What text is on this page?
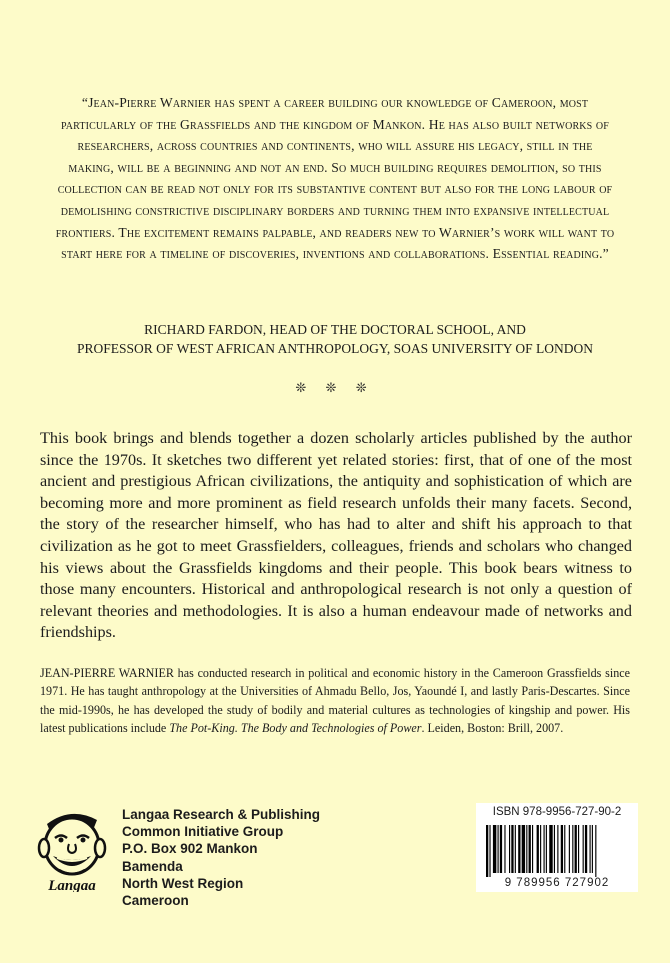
“Jean-Pierre Warnier has spent a career building our knowledge of Cameroon, most particularly of the Grassfields and the kingdom of Mankon. He has also built networks of researchers, across countries and continents, who will assure his legacy, still in the making, will be a beginning and not an end. So much building requires demolition, so this collection can be read not only for its substantive content but also for the long labour of demolishing constrictive disciplinary borders and turning them into expansive intellectual frontiers. The excitement remains palpable, and readers new to Warnier’s work will want to start here for a timeline of discoveries, inventions and collaborations. Essential reading.”
RICHARD FARDON, HEAD OF THE DOCTORAL SCHOOL, AND
PROFESSOR OF WEST AFRICAN ANTHROPOLOGY, SOAS UNIVERSITY OF LONDON
❊ ❊ ❊
This book brings and blends together a dozen scholarly articles published by the author since the 1970s. It sketches two different yet related stories: first, that of one of the most ancient and prestigious African civilizations, the antiquity and sophistication of which are becoming more and more prominent as field research unfolds their many facets. Second, the story of the researcher himself, who has had to alter and shift his approach to that civilization as he got to meet Grassfielders, colleagues, friends and scholars who changed his views about the Grassfields kingdoms and their people. This book bears witness to those many encounters. Historical and anthropological research is not only a question of relevant theories and methodologies. It is also a human endeavour made of networks and friendships.
JEAN-PIERRE WARNIER has conducted research in political and economic history in the Cameroon Grassfields since 1971. He has taught anthropology at the Universities of Ahmadu Bello, Jos, Yaoundé I, and lastly Paris-Descartes. Since the mid-1990s, he has developed the study of bodily and material cultures as technologies of kingship and power. His latest publications include The Pot-King. The Body and Technologies of Power. Leiden, Boston: Brill, 2007.
Langaa
Langaa Research & Publishing
Common Initiative Group
P.O. Box 902 Mankon
Bamenda
North West Region
Cameroon
ISBN 978-9956-727-90-2
9 789956 727902
